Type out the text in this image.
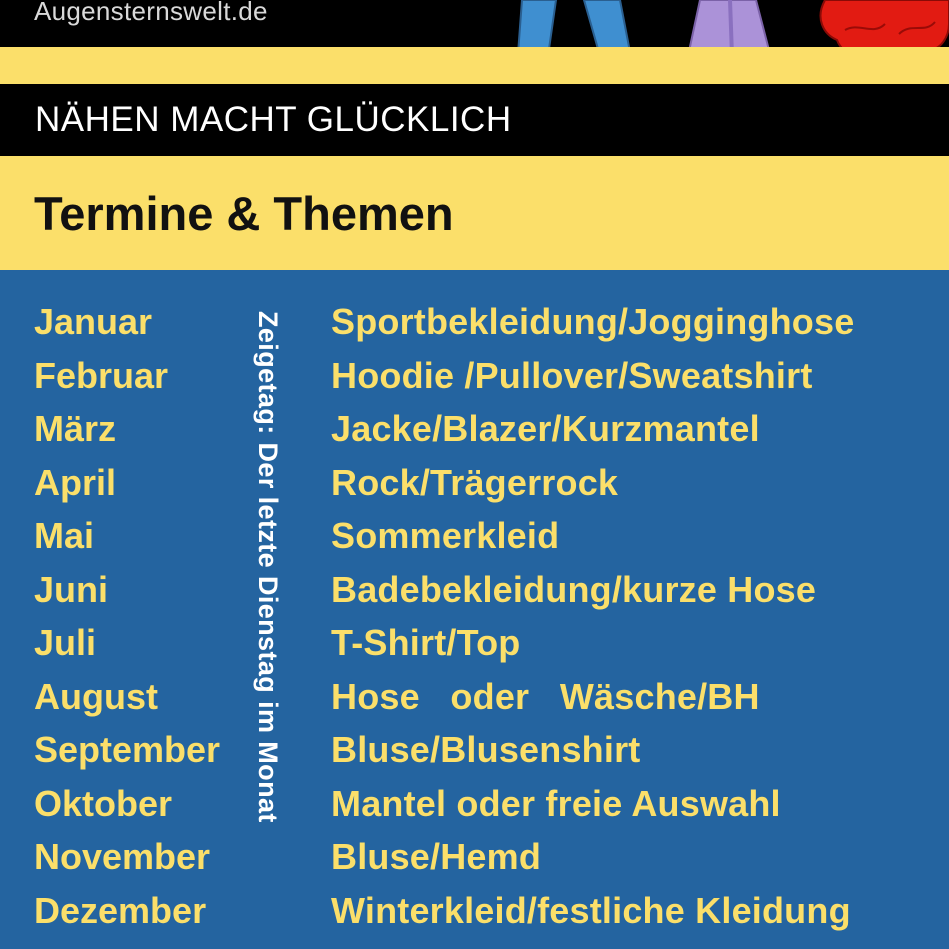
Augensternswelt.de
NÄHEN MACHT GLÜCKLICH
Termine & Themen
Januar	Sportbekleidung/Jogginghose
Februar	Hoodie /Pullover/Sweatshirt
März	Jacke/Blazer/Kurzmantel
April	Rock/Trägerrock
Mai	Sommerkleid
Juni	Badebekleidung/kurze Hose
Juli	T-Shirt/Top
August	Hose   oder   Wäsche/BH
September	Bluse/Blusenshirt
Oktober	Mantel oder freie Auswahl
November	Bluse/Hemd
Dezember	Winterkleid/festliche Kleidung
Zeigetag: Der letzte Dienstag im Monat
